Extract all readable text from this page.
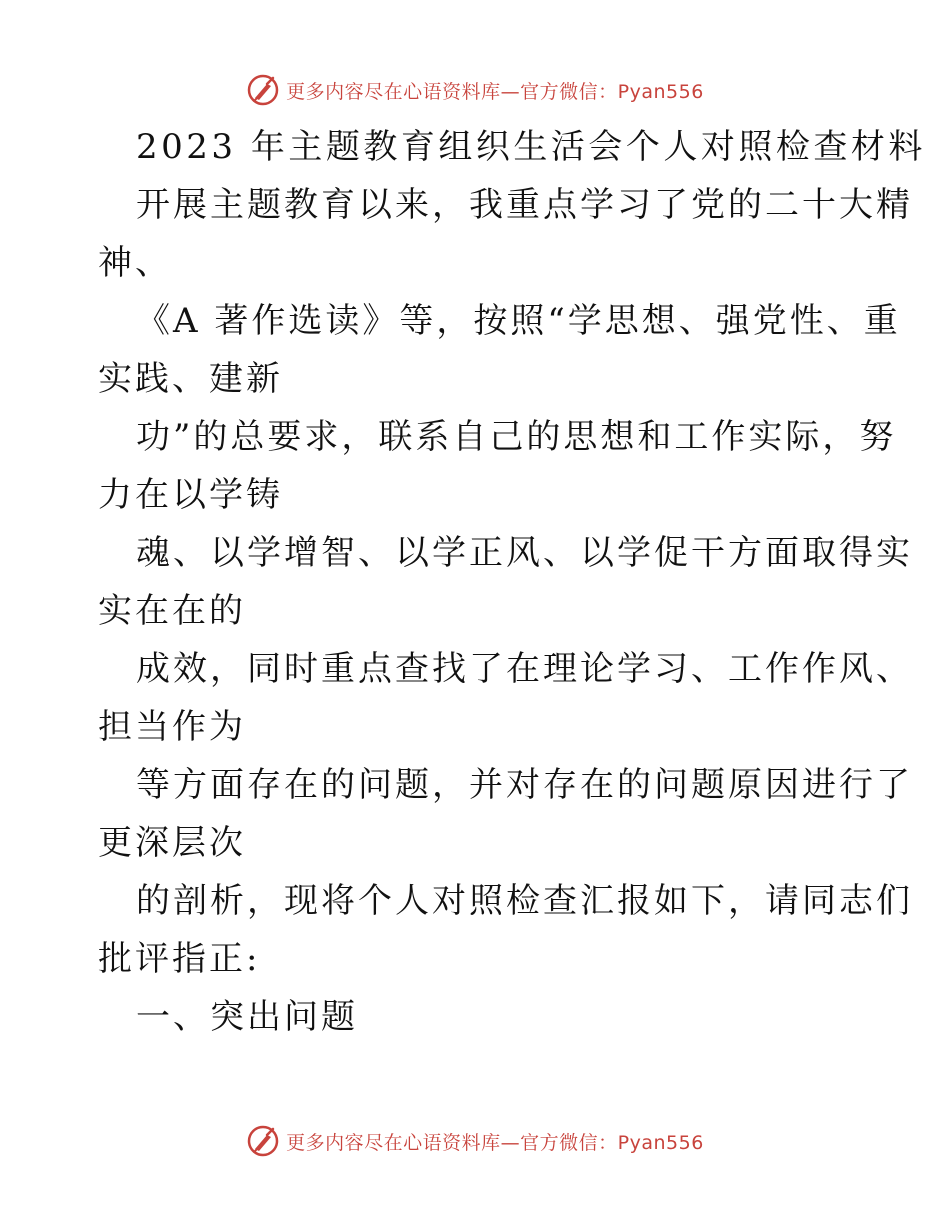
更多内容尽在心语资料库—官方微信：Pyan556
2023 年主题教育组织生活会个人对照检查材料
开展主题教育以来，我重点学习了党的二十大精
神、
《A 著作选读》等，按照“学思想、强党性、重
实践、建新
功”的总要求，联系自己的思想和工作实际，努
力在以学铸
魂、以学增智、以学正风、以学促干方面取得实
实在在的
成效，同时重点查找了在理论学习、工作作风、
担当作为
等方面存在的问题，并对存在的问题原因进行了
更深层次
的剖析，现将个人对照检查汇报如下，请同志们
批评指正:
一、突出问题
更多内容尽在心语资料库—官方微信：Pyan556
